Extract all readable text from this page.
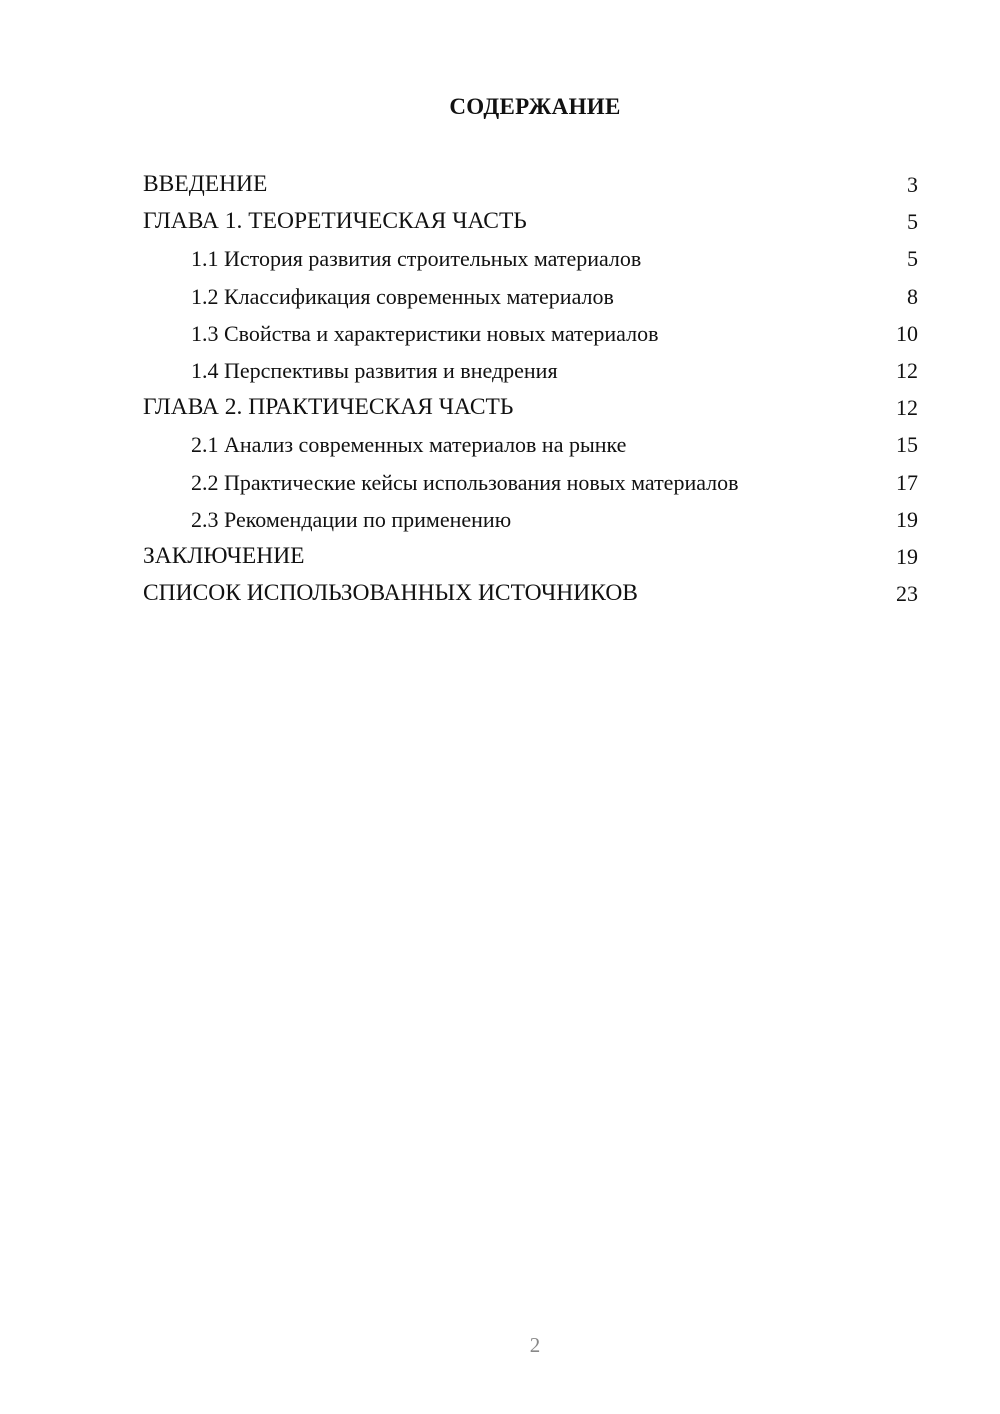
СОДЕРЖАНИЕ
ВВЕДЕНИЕ	3
ГЛАВА 1. ТЕОРЕТИЧЕСКАЯ ЧАСТЬ	5
1.1 История развития строительных материалов	5
1.2 Классификация современных материалов	8
1.3 Свойства и характеристики новых материалов	10
1.4 Перспективы развития и внедрения	12
ГЛАВА 2. ПРАКТИЧЕСКАЯ ЧАСТЬ	12
2.1 Анализ современных материалов на рынке	15
2.2 Практические кейсы использования новых материалов	17
2.3 Рекомендации по применению	19
ЗАКЛЮЧЕНИЕ	19
СПИСОК ИСПОЛЬЗОВАННЫХ ИСТОЧНИКОВ	23
2
